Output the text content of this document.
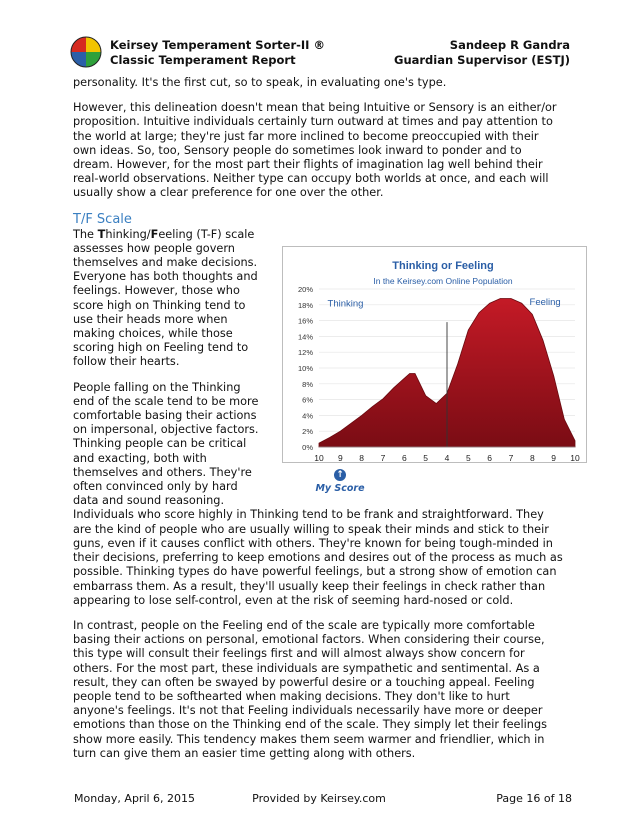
Keirsey Temperament Sorter-II ®
Classic Temperament Report
Sandeep R Gandra
Guardian Supervisor (ESTJ)

personality. It's the first cut, so to speak, in evaluating one's type.

However, this delineation doesn't mean that being Intuitive or Sensory is an either/or proposition. Intuitive individuals certainly turn outward at times and pay attention to the world at large; they're just far more inclined to become preoccupied with their own ideas. So, too, Sensory people do sometimes look inward to ponder and to dream. However, for the most part their flights of imagination lag well behind their real-world observations. Neither type can occupy both worlds at once, and each will usually show a clear preference for one over the other.

T/F Scale
Thinking or Feeling
In the Keirsey.com Online Population
0%
2%
4%
6%
8%
10%
12%
14%
16%
18%
20%
10 9 8 7 6 5 4 5 6 7 8 9 10
Thinking	Feeling
↑
My Score

The Thinking/Feeling (T-F) scale assesses how people govern themselves and make decisions. Everyone has both thoughts and feelings. However, those who score high on Thinking tend to use their heads more when making choices, while those scoring high on Feeling tend to follow their hearts.

People falling on the Thinking end of the scale tend to be more comfortable basing their actions on impersonal, objective factors. Thinking people can be critical and exacting, both with themselves and others. They're often convinced only by hard data and sound reasoning. Individuals who score highly in Thinking tend to be frank and straightforward. They are the kind of people who are usually willing to speak their minds and stick to their guns, even if it causes conflict with others. They're known for being tough-minded in their decisions, preferring to keep emotions and desires out of the process as much as possible. Thinking types do have powerful feelings, but a strong show of emotion can embarrass them. As a result, they'll usually keep their feelings in check rather than appearing to lose self-control, even at the risk of seeming hard-nosed or cold.

In contrast, people on the Feeling end of the scale are typically more comfortable basing their actions on personal, emotional factors. When considering their course, this type will consult their feelings first and will almost always show concern for others. For the most part, these individuals are sympathetic and sentimental. As a result, they can often be swayed by powerful desire or a touching appeal. Feeling people tend to be softhearted when making decisions. They don't like to hurt anyone's feelings. It's not that Feeling individuals necessarily have more or deeper emotions than those on the Thinking end of the scale. They simply let their feelings show more easily. This tendency makes them seem warmer and friendlier, which in turn can give them an easier time getting along with others.

Monday, April 6, 2015	Provided by Keirsey.com	Page 16 of 18
